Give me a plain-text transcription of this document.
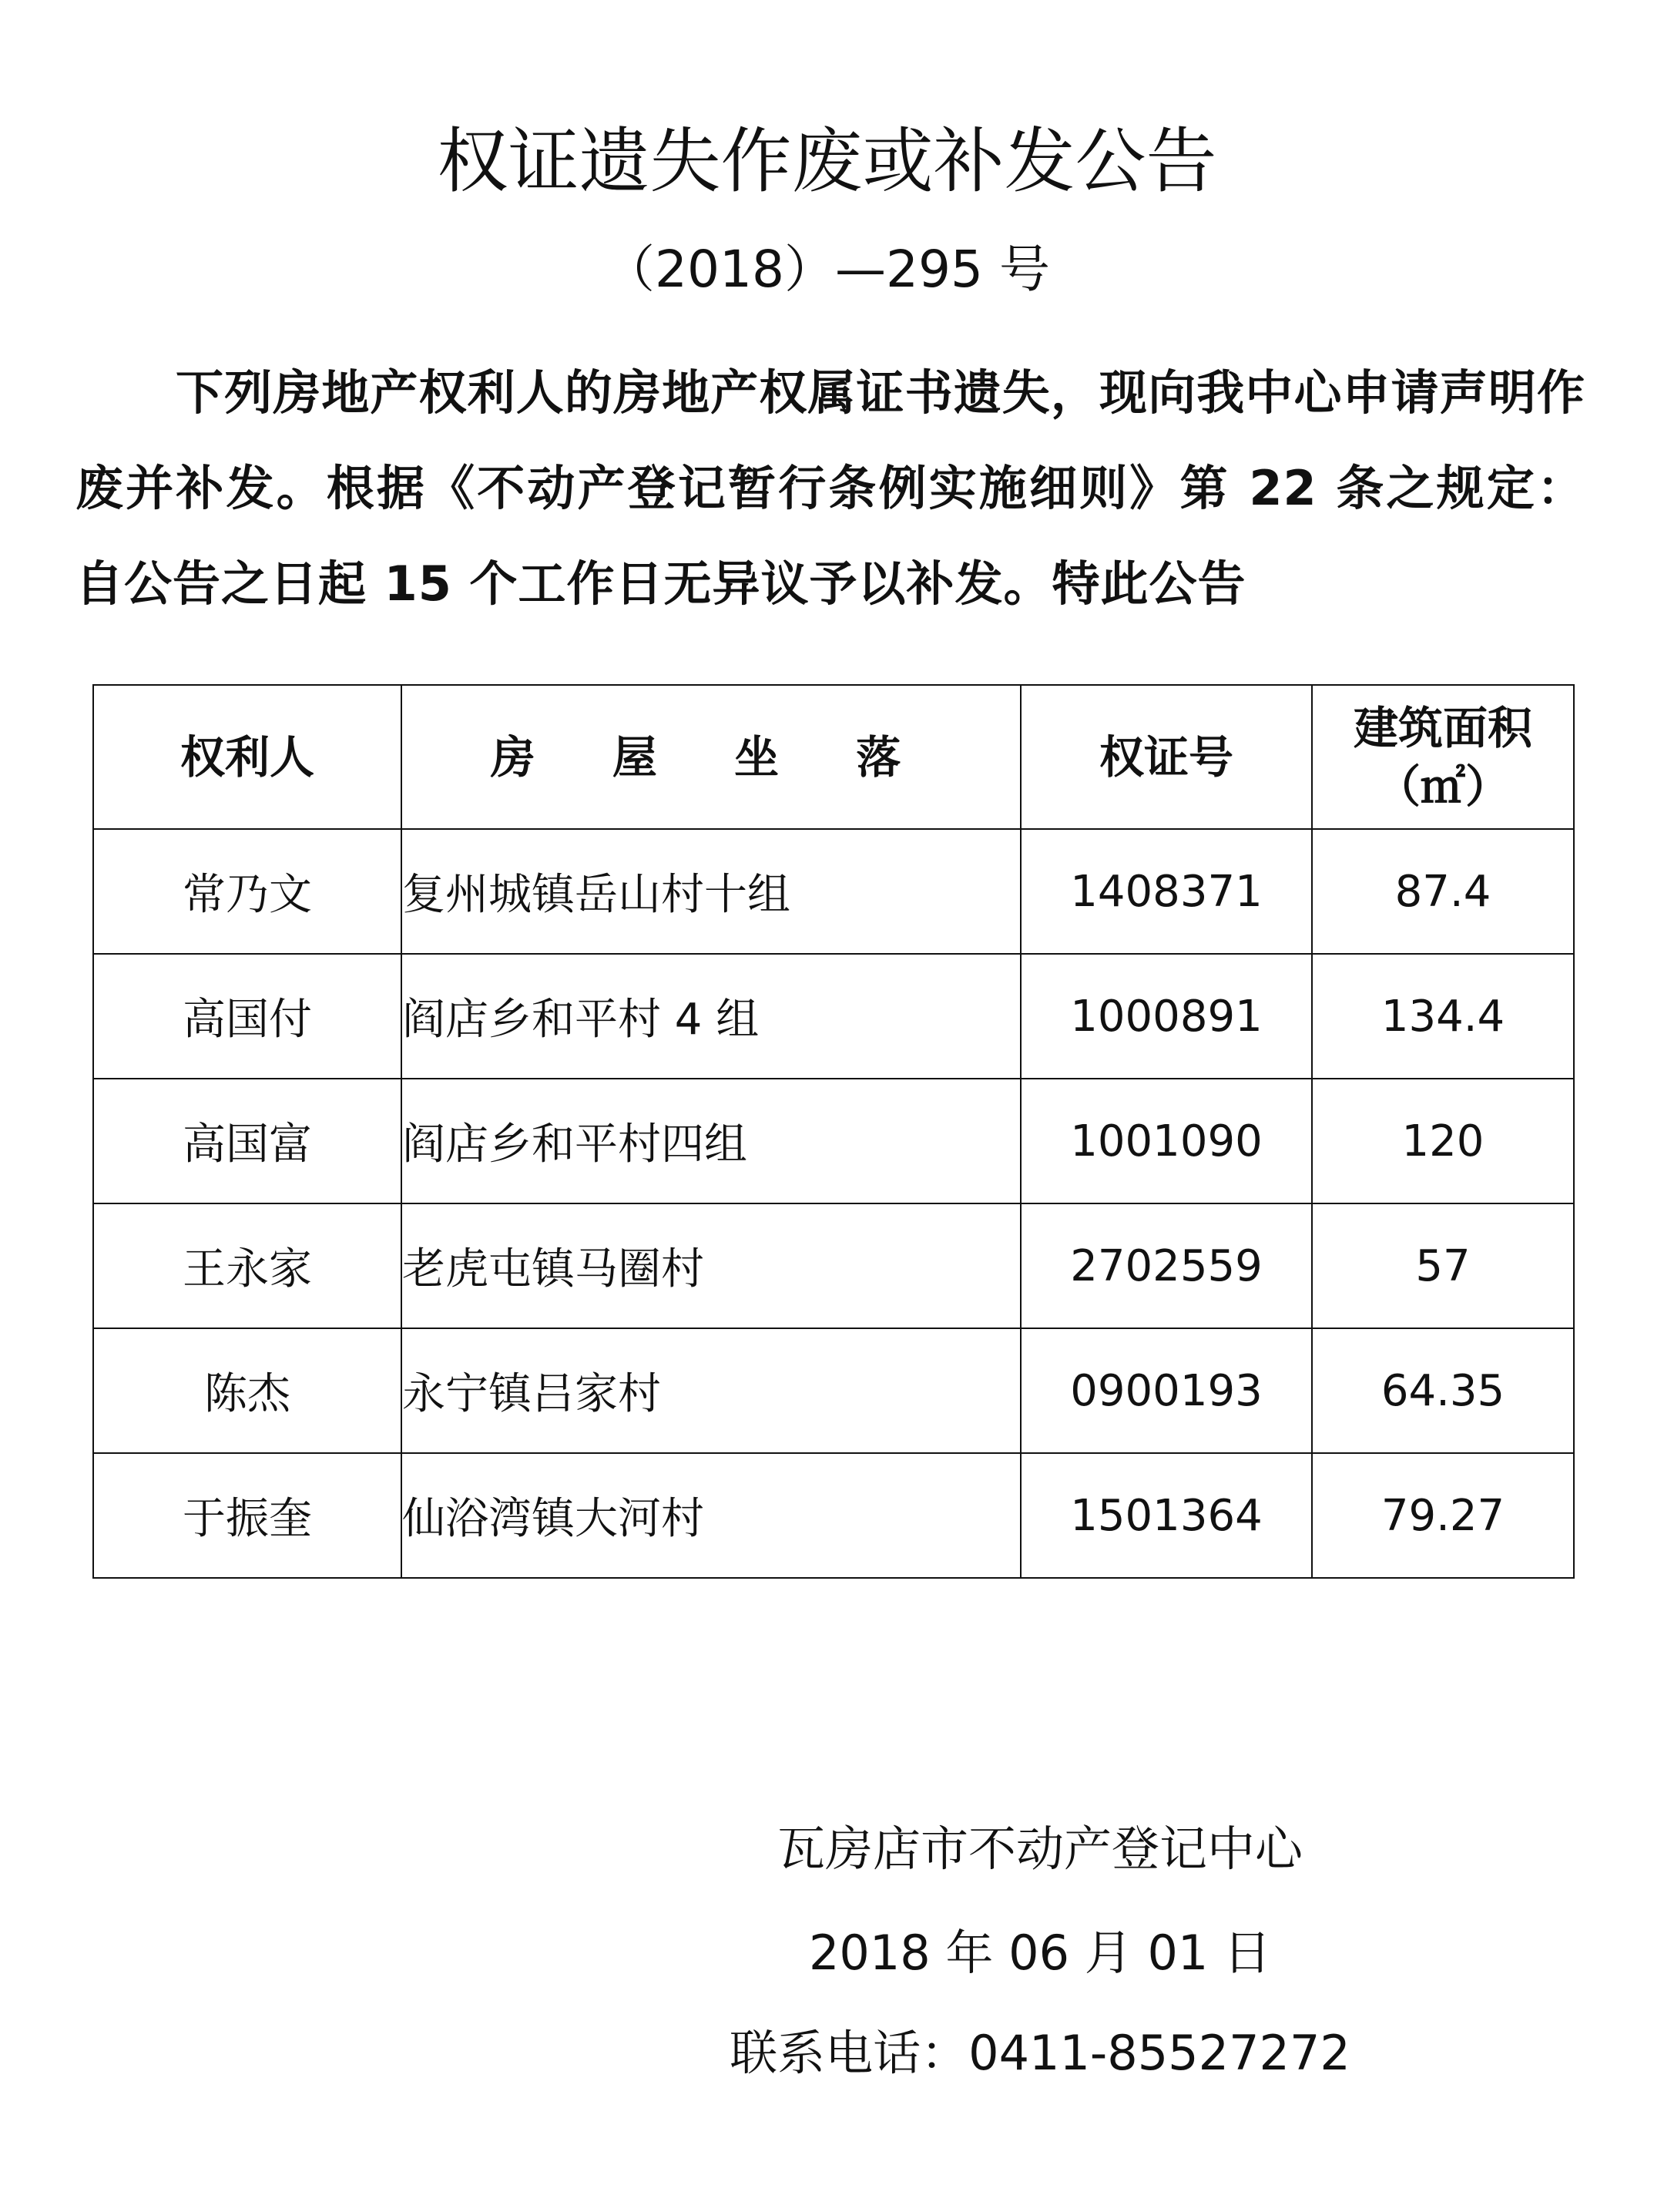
权证遗失作废或补发公告
（2018）—295 号

下列房地产权利人的房地产权属证书遗失，现向我中心申请声明作废并补发。根据《不动产登记暂行条例实施细则》第 22 条之规定：自公告之日起 15 个工作日无异议予以补发。特此公告

权利人	房 屋 坐 落	权证号	建筑面积
（㎡）

常乃文	复州城镇岳山村十组	1408371	87.4
高国付	阎店乡和平村 4 组	1000891	134.4
高国富	阎店乡和平村四组	1001090	120
王永家	老虎屯镇马圈村	2702559	57
陈杰	永宁镇吕家村	0900193	64.35
于振奎	仙浴湾镇大河村	1501364	79.27
瓦房店市不动产登记中心
2018 年 06 月 01 日
联系电话：0411-85527272
